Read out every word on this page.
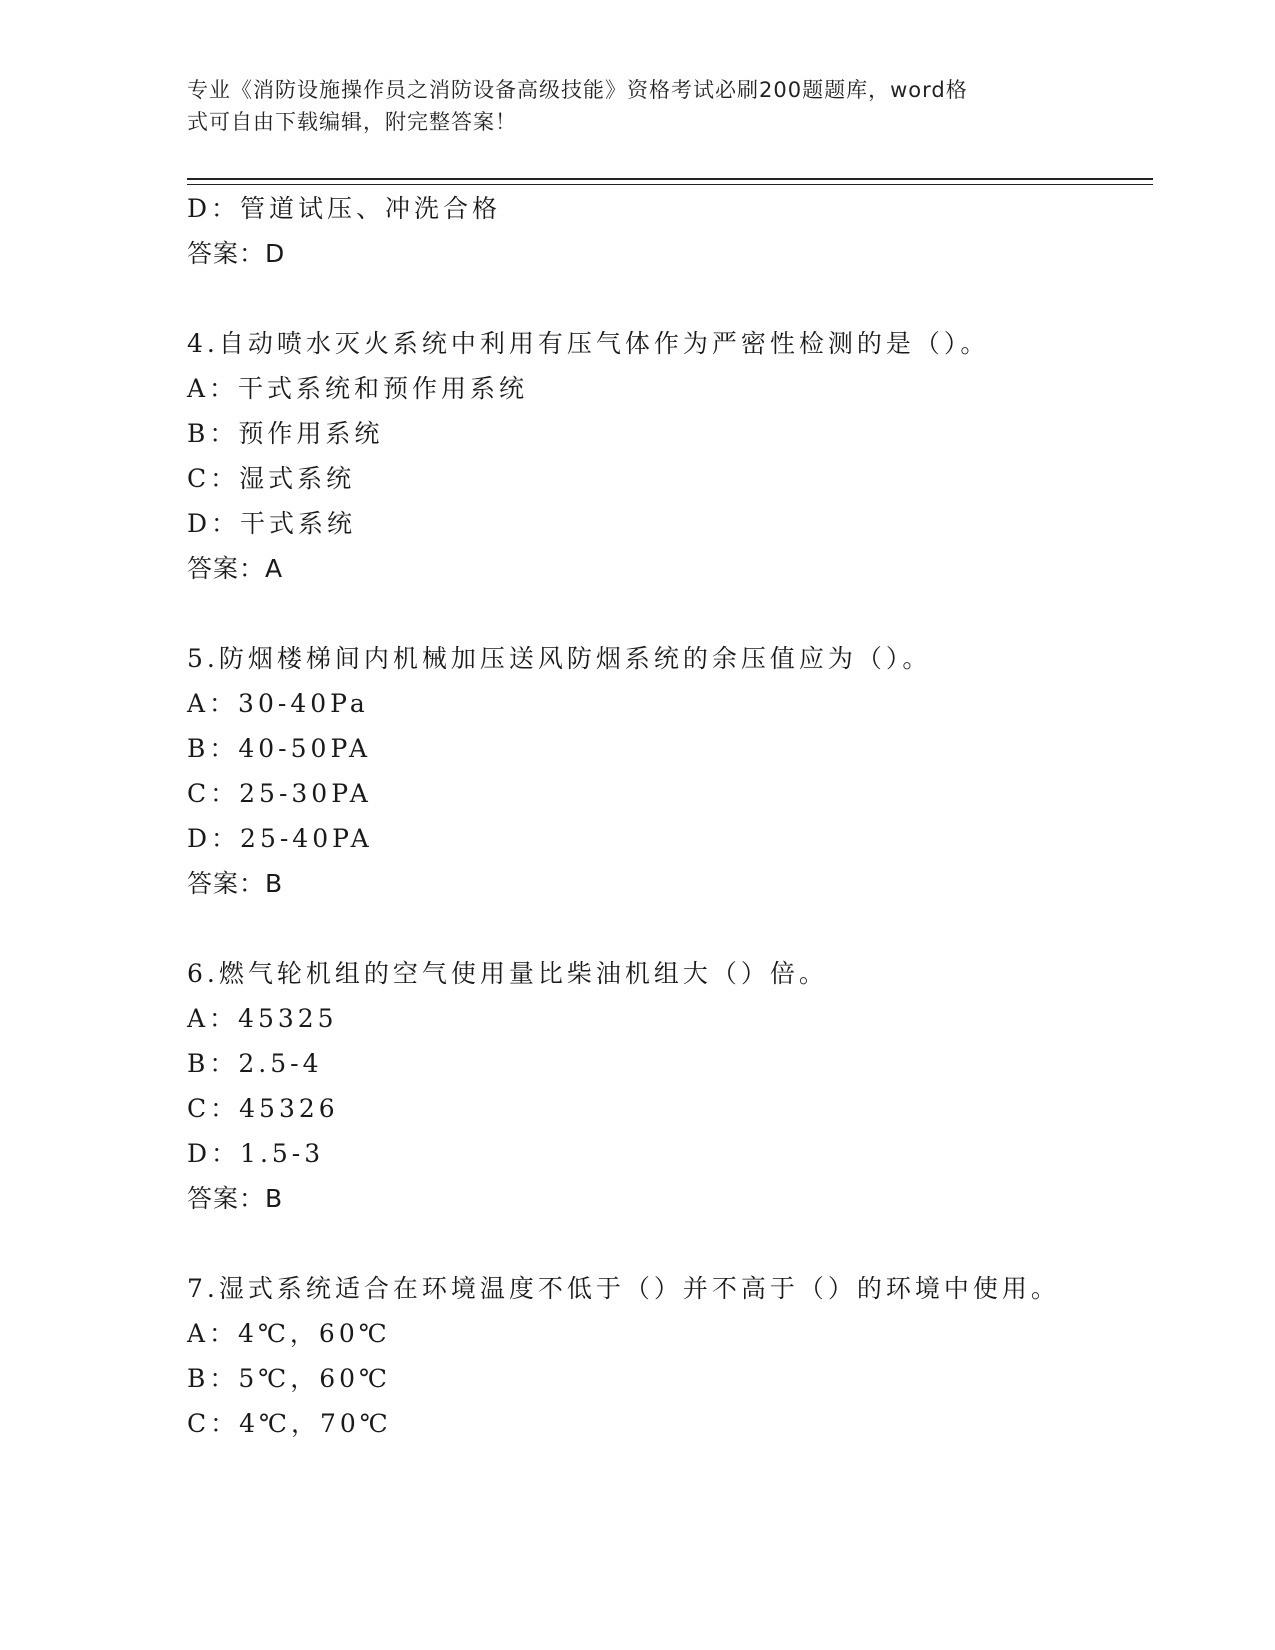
专业《消防设施操作员之消防设备高级技能》资格考试必刷200题题库，word格
式可自由下载编辑，附完整答案！
D：管道试压、冲洗合格
答案：D
4.自动喷水灭火系统中利用有压气体作为严密性检测的是（）。
A：干式系统和预作用系统
B：预作用系统
C：湿式系统
D：干式系统
答案：A
5.防烟楼梯间内机械加压送风防烟系统的余压值应为（）。
A：30-40Pa
B：40-50PA
C：25-30PA
D：25-40PA
答案：B
6.燃气轮机组的空气使用量比柴油机组大（）倍。
A：45325
B：2.5-4
C：45326
D：1.5-3
答案：B
7.湿式系统适合在环境温度不低于（）并不高于（）的环境中使用。
A：4℃，60℃
B：5℃，60℃
C：4℃，70℃
